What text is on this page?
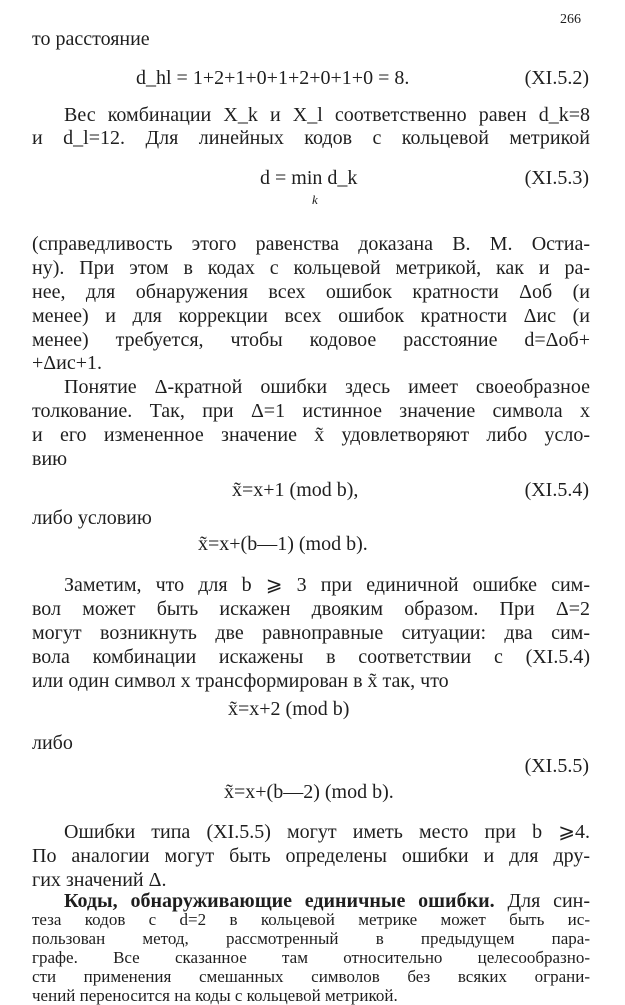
то расстояние
d_hl = 1+2+1+0+1+2+0+1+0 = 8.	(XI.5.2)
Вес комбинации X_k и X_l соответственно равен d_k=8
и d_l=12. Для линейных кодов с кольцевой метрикой
d = min d_k
k
(XI.5.3)
(справедливость этого равенства доказана В. М. Остиа-
ну). При этом в кодах с кольцевой метрикой, как и ра-
нее, для обнаружения всех ошибок кратности Δоб (и
менее) и для коррекции всех ошибок кратности Δис (и
менее) требуется, чтобы кодовое расстояние d=Δоб+
+Δис+1.
Понятие Δ-кратной ошибки здесь имеет своеобразное
толкование. Так, при Δ=1 истинное значение символа x
и его измененное значение x̃ удовлетворяют либо усло-
вию
x̃=x+1 (mod b),	(XI.5.4)
либо условию
x̃=x+(b—1) (mod b).
Заметим, что для b ⩾ 3 при единичной ошибке сим-
вол может быть искажен двояким образом. При Δ=2
могут возникнуть две равноправные ситуации: два сим-
вола комбинации искажены в соответствии с (XI.5.4)
или один символ x трансформирован в x̃ так, что
x̃=x+2 (mod b)
либо
(XI.5.5)
x̃=x+(b—2) (mod b).
Ошибки типа (XI.5.5) могут иметь место при b ⩾4.
По аналогии могут быть определены ошибки и для дру-
гих значений Δ.
Коды, обнаруживающие единичные ошибки. Для син-
266
теза кодов с d=2 в кольцевой метрике может быть ис-
пользован метод, рассмотренный в предыдущем пара-
графе. Все сказанное там относительно целесообразно-
сти применения смешанных символов без всяких ограни-
чений переносится на коды с кольцевой метрикой.
